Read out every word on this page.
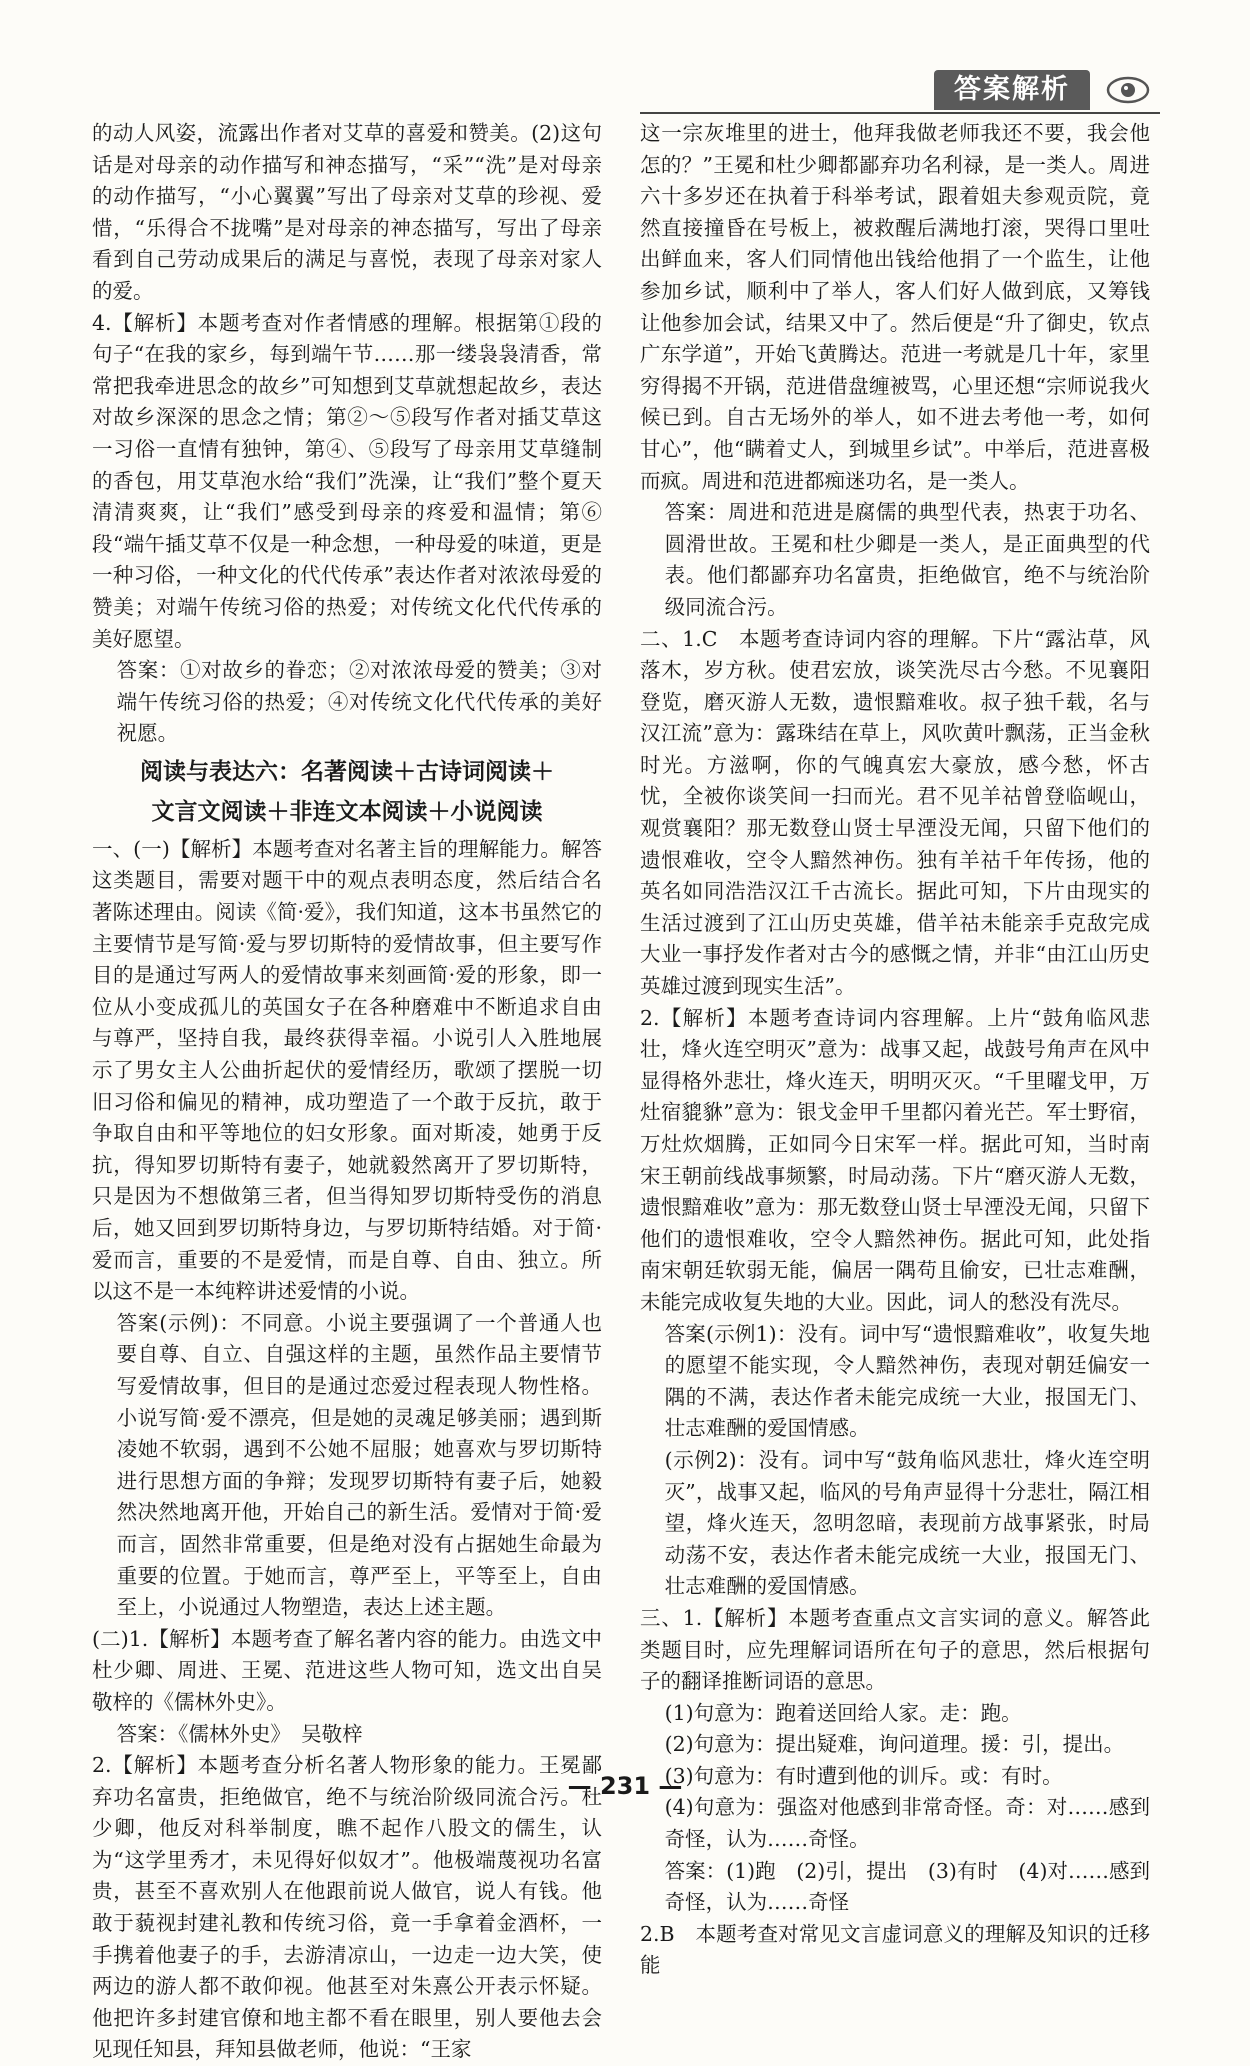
答案解析

的动人风姿，流露出作者对艾草的喜爱和赞美。(2)这句话是对母亲的动作描写和神态描写，“采”“洗”是对母亲的动作描写，“小心翼翼”写出了母亲对艾草的珍视、爱惜，“乐得合不拢嘴”是对母亲的神态描写，写出了母亲看到自己劳动成果后的满足与喜悦，表现了母亲对家人的爱。

4.【解析】本题考查对作者情感的理解。根据第①段的句子“在我的家乡，每到端午节……那一缕袅袅清香，常常把我牵进思念的故乡”可知想到艾草就想起故乡，表达对故乡深深的思念之情；第②～⑤段写作者对插艾草这一习俗一直情有独钟，第④、⑤段写了母亲用艾草缝制的香包，用艾草泡水给“我们”洗澡，让“我们”整个夏天清清爽爽，让“我们”感受到母亲的疼爱和温情；第⑥段“端午插艾草不仅是一种念想，一种母爱的味道，更是一种习俗，一种文化的代代传承”表达作者对浓浓母爱的赞美；对端午传统习俗的热爱；对传统文化代代传承的美好愿望。

答案：①对故乡的眷恋；②对浓浓母爱的赞美；③对端午传统习俗的热爱；④对传统文化代代传承的美好祝愿。

阅读与表达六：名著阅读＋古诗词阅读＋
文言文阅读＋非连文本阅读＋小说阅读

一、(一)【解析】本题考查对名著主旨的理解能力。解答这类题目，需要对题干中的观点表明态度，然后结合名著陈述理由。阅读《简·爱》，我们知道，这本书虽然它的主要情节是写简·爱与罗切斯特的爱情故事，但主要写作目的是通过写两人的爱情故事来刻画简·爱的形象，即一位从小变成孤儿的英国女子在各种磨难中不断追求自由与尊严，坚持自我，最终获得幸福。小说引人入胜地展示了男女主人公曲折起伏的爱情经历，歌颂了摆脱一切旧习俗和偏见的精神，成功塑造了一个敢于反抗，敢于争取自由和平等地位的妇女形象。面对斯凌，她勇于反抗，得知罗切斯特有妻子，她就毅然离开了罗切斯特，只是因为不想做第三者，但当得知罗切斯特受伤的消息后，她又回到罗切斯特身边，与罗切斯特结婚。对于简·爱而言，重要的不是爱情，而是自尊、自由、独立。所以这不是一本纯粹讲述爱情的小说。

答案(示例)：不同意。小说主要强调了一个普通人也要自尊、自立、自强这样的主题，虽然作品主要情节写爱情故事，但目的是通过恋爱过程表现人物性格。小说写简·爱不漂亮，但是她的灵魂足够美丽；遇到斯凌她不软弱，遇到不公她不屈服；她喜欢与罗切斯特进行思想方面的争辩；发现罗切斯特有妻子后，她毅然决然地离开他，开始自己的新生活。爱情对于简·爱而言，固然非常重要，但是绝对没有占据她生命最为重要的位置。于她而言，尊严至上，平等至上，自由至上，小说通过人物塑造，表达上述主题。

(二)1.【解析】本题考查了解名著内容的能力。由选文中杜少卿、周进、王冕、范进这些人物可知，选文出自吴敬梓的《儒林外史》。

答案：《儒林外史》　吴敬梓

2.【解析】本题考查分析名著人物形象的能力。王冕鄙弃功名富贵，拒绝做官，绝不与统治阶级同流合污。杜少卿，他反对科举制度，瞧不起作八股文的儒生，认为“这学里秀才，未见得好似奴才”。他极端蔑视功名富贵，甚至不喜欢别人在他跟前说人做官，说人有钱。他敢于藐视封建礼教和传统习俗，竟一手拿着金酒杯，一手携着他妻子的手，去游清凉山，一边走一边大笑，使两边的游人都不敢仰视。他甚至对朱熹公开表示怀疑。他把许多封建官僚和地主都不看在眼里，别人要他去会见现任知县，拜知县做老师，他说：“王家

这一宗灰堆里的进士，他拜我做老师我还不要，我会他怎的？”王冕和杜少卿都鄙弃功名利禄，是一类人。周进六十多岁还在执着于科举考试，跟着姐夫参观贡院，竟然直接撞昏在号板上，被救醒后满地打滚，哭得口里吐出鲜血来，客人们同情他出钱给他捐了一个监生，让他参加乡试，顺利中了举人，客人们好人做到底，又筹钱让他参加会试，结果又中了。然后便是“升了御史，钦点广东学道”，开始飞黄腾达。范进一考就是几十年，家里穷得揭不开锅，范进借盘缠被骂，心里还想“宗师说我火候已到。自古无场外的举人，如不进去考他一考，如何甘心”，他“瞒着丈人，到城里乡试”。中举后，范进喜极而疯。周进和范进都痴迷功名，是一类人。

答案：周进和范进是腐儒的典型代表，热衷于功名、圆滑世故。王冕和杜少卿是一类人，是正面典型的代表。他们都鄙弃功名富贵，拒绝做官，绝不与统治阶级同流合污。

二、1.C　本题考查诗词内容的理解。下片“露沾草，风落木，岁方秋。使君宏放，谈笑洗尽古今愁。不见襄阳登览，磨灭游人无数，遗恨黯难收。叔子独千载，名与汉江流”意为：露珠结在草上，风吹黄叶飘荡，正当金秋时光。方滋啊，你的气魄真宏大豪放，感今愁，怀古忧，全被你谈笑间一扫而光。君不见羊祜曾登临岘山，观赏襄阳？那无数登山贤士早湮没无闻，只留下他们的遗恨难收，空令人黯然神伤。独有羊祜千年传扬，他的英名如同浩浩汉江千古流长。据此可知，下片由现实的生活过渡到了江山历史英雄，借羊祜未能亲手克敌完成大业一事抒发作者对古今的感慨之情，并非“由江山历史英雄过渡到现实生活”。

2.【解析】本题考查诗词内容理解。上片“鼓角临风悲壮，烽火连空明灭”意为：战事又起，战鼓号角声在风中显得格外悲壮，烽火连天，明明灭灭。“千里曜戈甲，万灶宿貔貅”意为：银戈金甲千里都闪着光芒。军士野宿，万灶炊烟腾，正如同今日宋军一样。据此可知，当时南宋王朝前线战事频繁，时局动荡。下片“磨灭游人无数，遗恨黯难收”意为：那无数登山贤士早湮没无闻，只留下他们的遗恨难收，空令人黯然神伤。据此可知，此处指南宋朝廷软弱无能，偏居一隅苟且偷安，已壮志难酬，未能完成收复失地的大业。因此，词人的愁没有洗尽。

答案(示例1)：没有。词中写“遗恨黯难收”，收复失地的愿望不能实现，令人黯然神伤，表现对朝廷偏安一隅的不满，表达作者未能完成统一大业，报国无门、壮志难酬的爱国情感。

(示例2)：没有。词中写“鼓角临风悲壮，烽火连空明灭”，战事又起，临风的号角声显得十分悲壮，隔江相望，烽火连天，忽明忽暗，表现前方战事紧张，时局动荡不安，表达作者未能完成统一大业，报国无门、壮志难酬的爱国情感。

三、1.【解析】本题考查重点文言实词的意义。解答此类题目时，应先理解词语所在句子的意思，然后根据句子的翻译推断词语的意思。

(1)句意为：跑着送回给人家。走：跑。

(2)句意为：提出疑难，询问道理。援：引，提出。

(3)句意为：有时遭到他的训斥。或：有时。

(4)句意为：强盗对他感到非常奇怪。奇：对……感到奇怪，认为……奇怪。

答案：(1)跑　(2)引，提出　(3)有时　(4)对……感到奇怪，认为……奇怪

2.B　本题考查对常见文言虚词意义的理解及知识的迁移能

— 231 —
